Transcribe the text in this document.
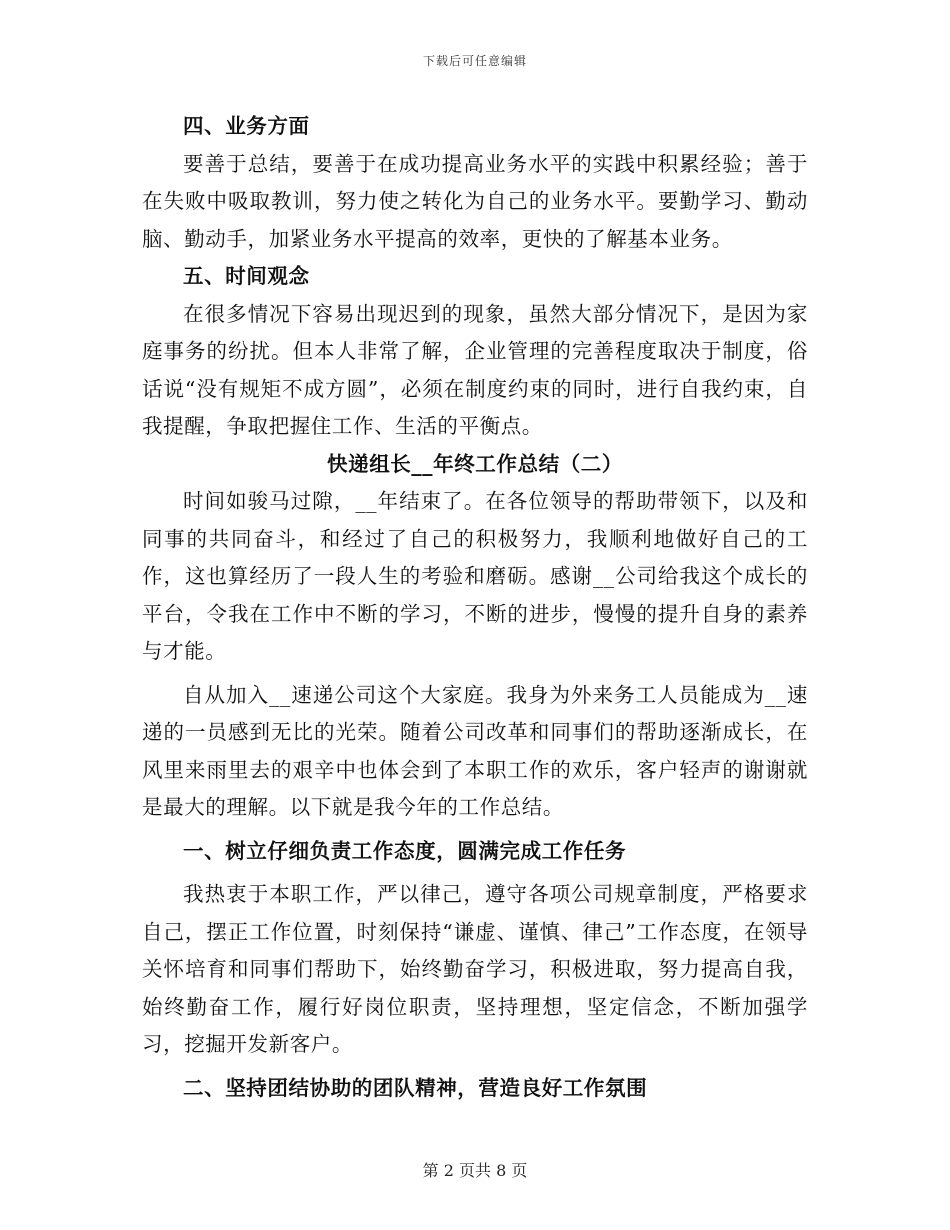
下载后可任意编辑

四、业务方面

要善于总结，要善于在成功提高业务水平的实践中积累经验；善于在失败中吸取教训，努力使之转化为自己的业务水平。要勤学习、勤动脑、勤动手，加紧业务水平提高的效率，更快的了解基本业务。

五、时间观念

在很多情况下容易出现迟到的现象，虽然大部分情况下，是因为家庭事务的纷扰。但本人非常了解，企业管理的完善程度取决于制度，俗话说“没有规矩不成方圆”，必须在制度约束的同时，进行自我约束，自我提醒，争取把握住工作、生活的平衡点。

快递组长__年终工作总结（二）

时间如骏马过隙，__年结束了。在各位领导的帮助带领下，以及和同事的共同奋斗，和经过了自己的积极努力，我顺利地做好自己的工作，这也算经历了一段人生的考验和磨砺。感谢__公司给我这个成长的平台，令我在工作中不断的学习，不断的进步，慢慢的提升自身的素养与才能。

自从加入__速递公司这个大家庭。我身为外来务工人员能成为__速递的一员感到无比的光荣。随着公司改革和同事们的帮助逐渐成长，在风里来雨里去的艰辛中也体会到了本职工作的欢乐，客户轻声的谢谢就是最大的理解。以下就是我今年的工作总结。

一、树立仔细负责工作态度，圆满完成工作任务

我热衷于本职工作，严以律己，遵守各项公司规章制度，严格要求自己，摆正工作位置，时刻保持“谦虚、谨慎、律己”工作态度，在领导关怀培育和同事们帮助下，始终勤奋学习，积极进取，努力提高自我，始终勤奋工作，履行好岗位职责，坚持理想，坚定信念，不断加强学习，挖掘开发新客户。

二、坚持团结协助的团队精神，营造良好工作氛围

第 2 页共 8 页
